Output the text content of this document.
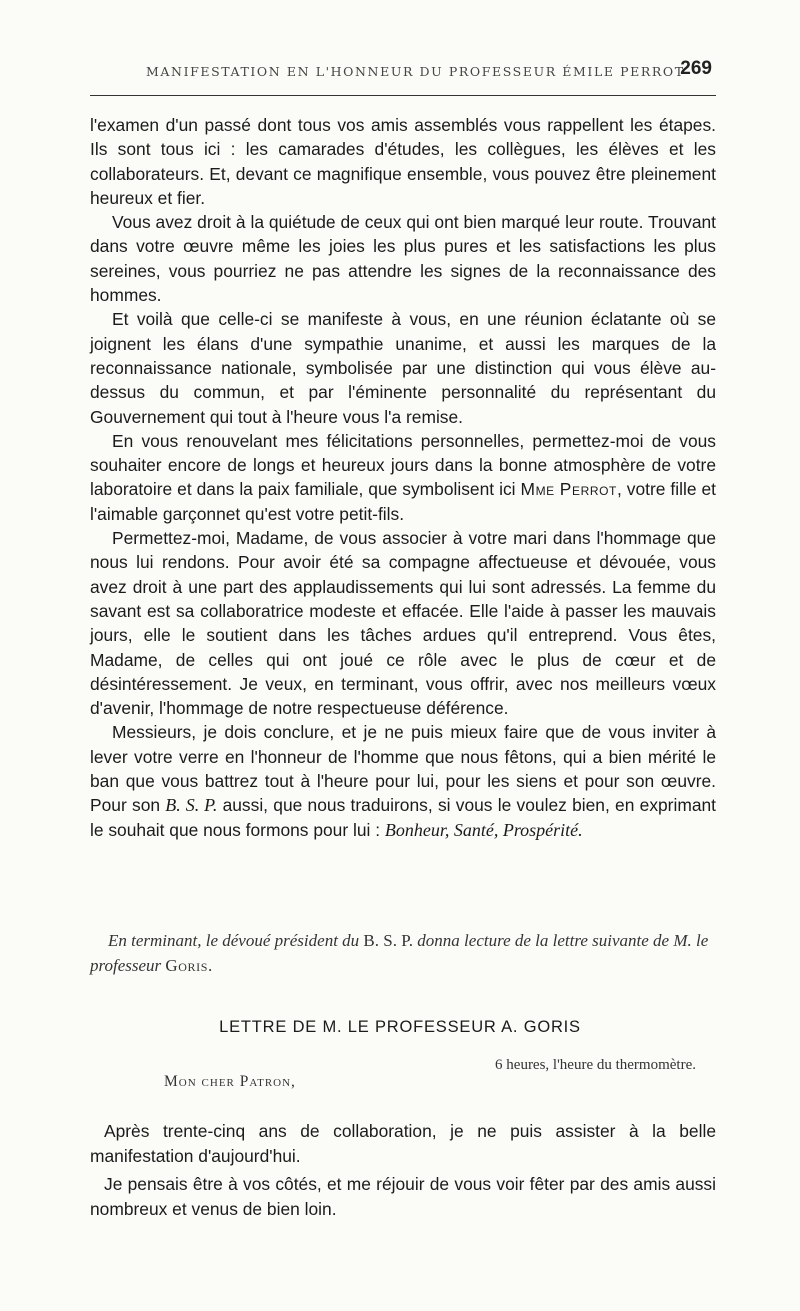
MANIFESTATION EN L'HONNEUR DU PROFESSEUR ÉMILE PERROT
269

l'examen d'un passé dont tous vos amis assemblés vous rappellent les étapes. Ils sont tous ici : les camarades d'études, les collègues, les élèves et les collaborateurs. Et, devant ce magnifique ensemble, vous pouvez être pleinement heureux et fier.

Vous avez droit à la quiétude de ceux qui ont bien marqué leur route. Trouvant dans votre œuvre même les joies les plus pures et les satisfactions les plus sereines, vous pourriez ne pas attendre les signes de la reconnaissance des hommes.

Et voilà que celle-ci se manifeste à vous, en une réunion éclatante où se joignent les élans d'une sympathie unanime, et aussi les marques de la reconnaissance nationale, symbolisée par une distinction qui vous élève au-dessus du commun, et par l'éminente personnalité du représentant du Gouvernement qui tout à l'heure vous l'a remise.

En vous renouvelant mes félicitations personnelles, permettez-moi de vous souhaiter encore de longs et heureux jours dans la bonne atmosphère de votre laboratoire et dans la paix familiale, que symbolisent ici Mme Perrot, votre fille et l'aimable garçonnet qu'est votre petit-fils.

Permettez-moi, Madame, de vous associer à votre mari dans l'hommage que nous lui rendons. Pour avoir été sa compagne affectueuse et dévouée, vous avez droit à une part des applaudissements qui lui sont adressés. La femme du savant est sa collaboratrice modeste et effacée. Elle l'aide à passer les mauvais jours, elle le soutient dans les tâches ardues qu'il entreprend. Vous êtes, Madame, de celles qui ont joué ce rôle avec le plus de cœur et de désintéressement. Je veux, en terminant, vous offrir, avec nos meilleurs vœux d'avenir, l'hommage de notre respectueuse déférence.

Messieurs, je dois conclure, et je ne puis mieux faire que de vous inviter à lever votre verre en l'honneur de l'homme que nous fêtons, qui a bien mérité le ban que vous battrez tout à l'heure pour lui, pour les siens et pour son œuvre. Pour son B. S. P. aussi, que nous traduirons, si vous le voulez bien, en exprimant le souhait que nous formons pour lui : Bonheur, Santé, Prospérité.

En terminant, le dévoué président du B. S. P. donna lecture de la lettre suivante de M. le professeur Goris.
LETTRE DE M. LE PROFESSEUR A. GORIS
6 heures, l'heure du thermomètre.
Mon cher Patron,

Après trente-cinq ans de collaboration, je ne puis assister à la belle manifestation d'aujourd'hui.

Je pensais être à vos côtés, et me réjouir de vous voir fêter par des amis aussi nombreux et venus de bien loin.
